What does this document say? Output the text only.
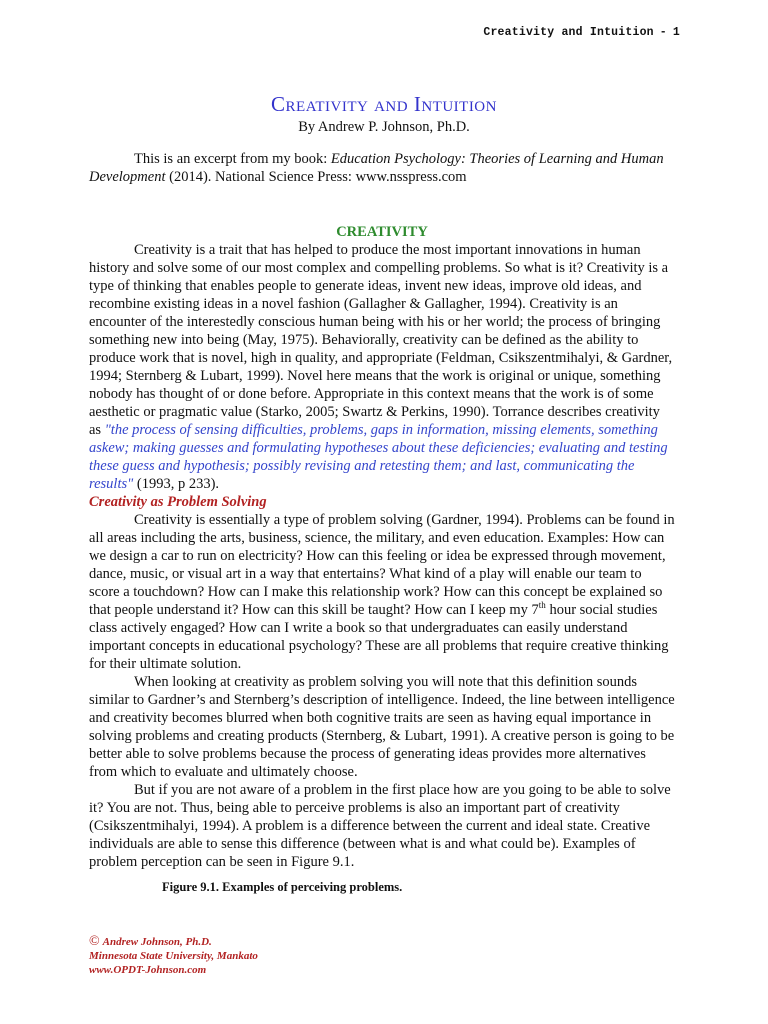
Creativity and Intuition - 1
Creativity and Intuition
By Andrew P. Johnson, Ph.D.

This is an excerpt from my book: Education Psychology: Theories of Learning and Human Development (2014). National Science Press: www.nsspress.com

CREATIVITY

Creativity is a trait that has helped to produce the most important innovations in human history and solve some of our most complex and compelling problems. So what is it? Creativity is a type of thinking that enables people to generate ideas, invent new ideas, improve old ideas, and recombine existing ideas in a novel fashion (Gallagher & Gallagher, 1994). Creativity is an encounter of the interestedly conscious human being with his or her world; the process of bringing something new into being (May, 1975). Behaviorally, creativity can be defined as the ability to produce work that is novel, high in quality, and appropriate (Feldman, Csikszentmihalyi, & Gardner, 1994; Sternberg & Lubart, 1999). Novel here means that the work is original or unique, something nobody has thought of or done before. Appropriate in this context means that the work is of some aesthetic or pragmatic value (Starko, 2005; Swartz & Perkins, 1990). Torrance describes creativity as "the process of sensing difficulties, problems, gaps in information, missing elements, something askew; making guesses and formulating hypotheses about these deficiencies; evaluating and testing these guess and hypothesis; possibly revising and retesting them; and last, communicating the results" (1993, p 233).

Creativity as Problem Solving

Creativity is essentially a type of problem solving (Gardner, 1994). Problems can be found in all areas including the arts, business, science, the military, and even education. Examples: How can we design a car to run on electricity? How can this feeling or idea be expressed through movement, dance, music, or visual art in a way that entertains? What kind of a play will enable our team to score a touchdown? How can I make this relationship work? How can this concept be explained so that people understand it? How can this skill be taught? How can I keep my 7th hour social studies class actively engaged? How can I write a book so that undergraduates can easily understand important concepts in educational psychology? These are all problems that require creative thinking for their ultimate solution.

When looking at creativity as problem solving you will note that this definition sounds similar to Gardner’s and Sternberg’s description of intelligence. Indeed, the line between intelligence and creativity becomes blurred when both cognitive traits are seen as having equal importance in solving problems and creating products (Sternberg, & Lubart, 1991). A creative person is going to be better able to solve problems because the process of generating ideas provides more alternatives from which to evaluate and ultimately choose.

But if you are not aware of a problem in the first place how are you going to be able to solve it? You are not. Thus, being able to perceive problems is also an important part of creativity (Csikszentmihalyi, 1994). A problem is a difference between the current and ideal state. Creative individuals are able to sense this difference (between what is and what could be). Examples of problem perception can be seen in Figure 9.1.

Figure 9.1. Examples of perceiving problems.
© Andrew Johnson, Ph.D.
Minnesota State University, Mankato
www.OPDT-Johnson.com
